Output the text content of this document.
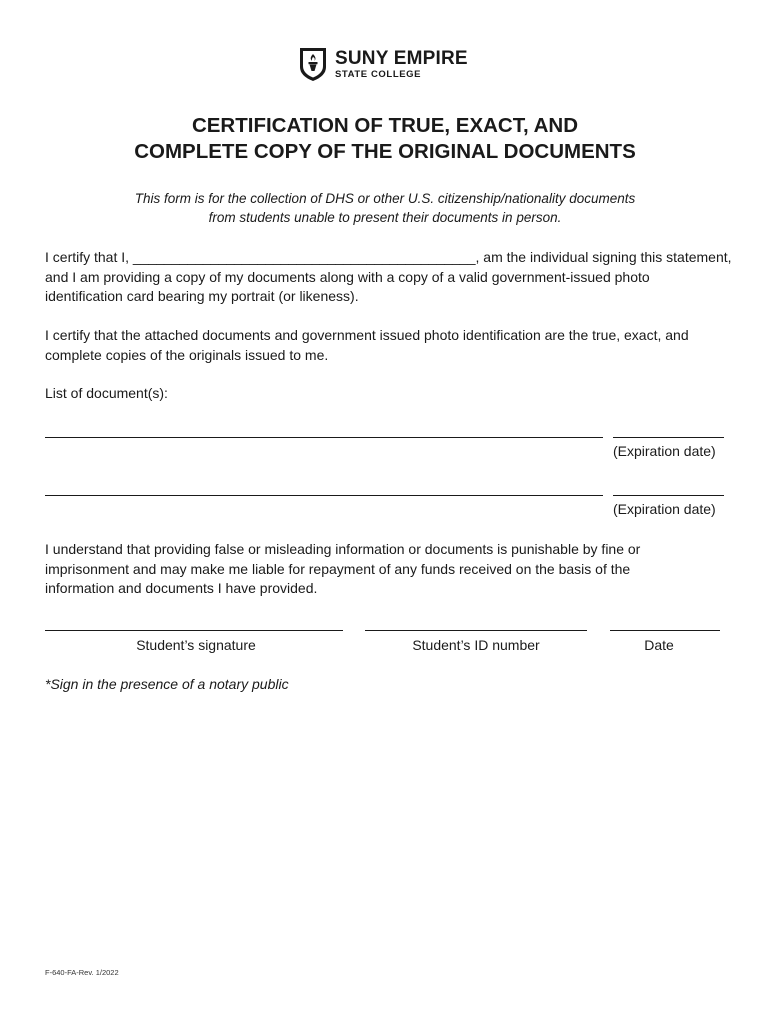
SUNY EMPIRE
STATE COLLEGE
CERTIFICATION OF TRUE, EXACT, AND
COMPLETE COPY OF THE ORIGINAL DOCUMENTS
This form is for the collection of DHS or other U.S. citizenship/nationality documents
from students unable to present their documents in person.
I certify that I, ____________________________________________, am the individual signing this statement,
and I am providing a copy of my documents along with a copy of a valid government-issued photo
identification card bearing my portrait (or likeness).
I certify that the attached documents and government issued photo identification are the true, exact, and
complete copies of the originals issued to me.
List of document(s):
(Expiration date)
(Expiration date)
I understand that providing false or misleading information or documents is punishable by fine or
imprisonment and may make me liable for repayment of any funds received on the basis of the
information and documents I have provided.
Student’s signature	Student’s ID number	Date
*Sign in the presence of a notary public
F-640-FA-Rev. 1/2022
